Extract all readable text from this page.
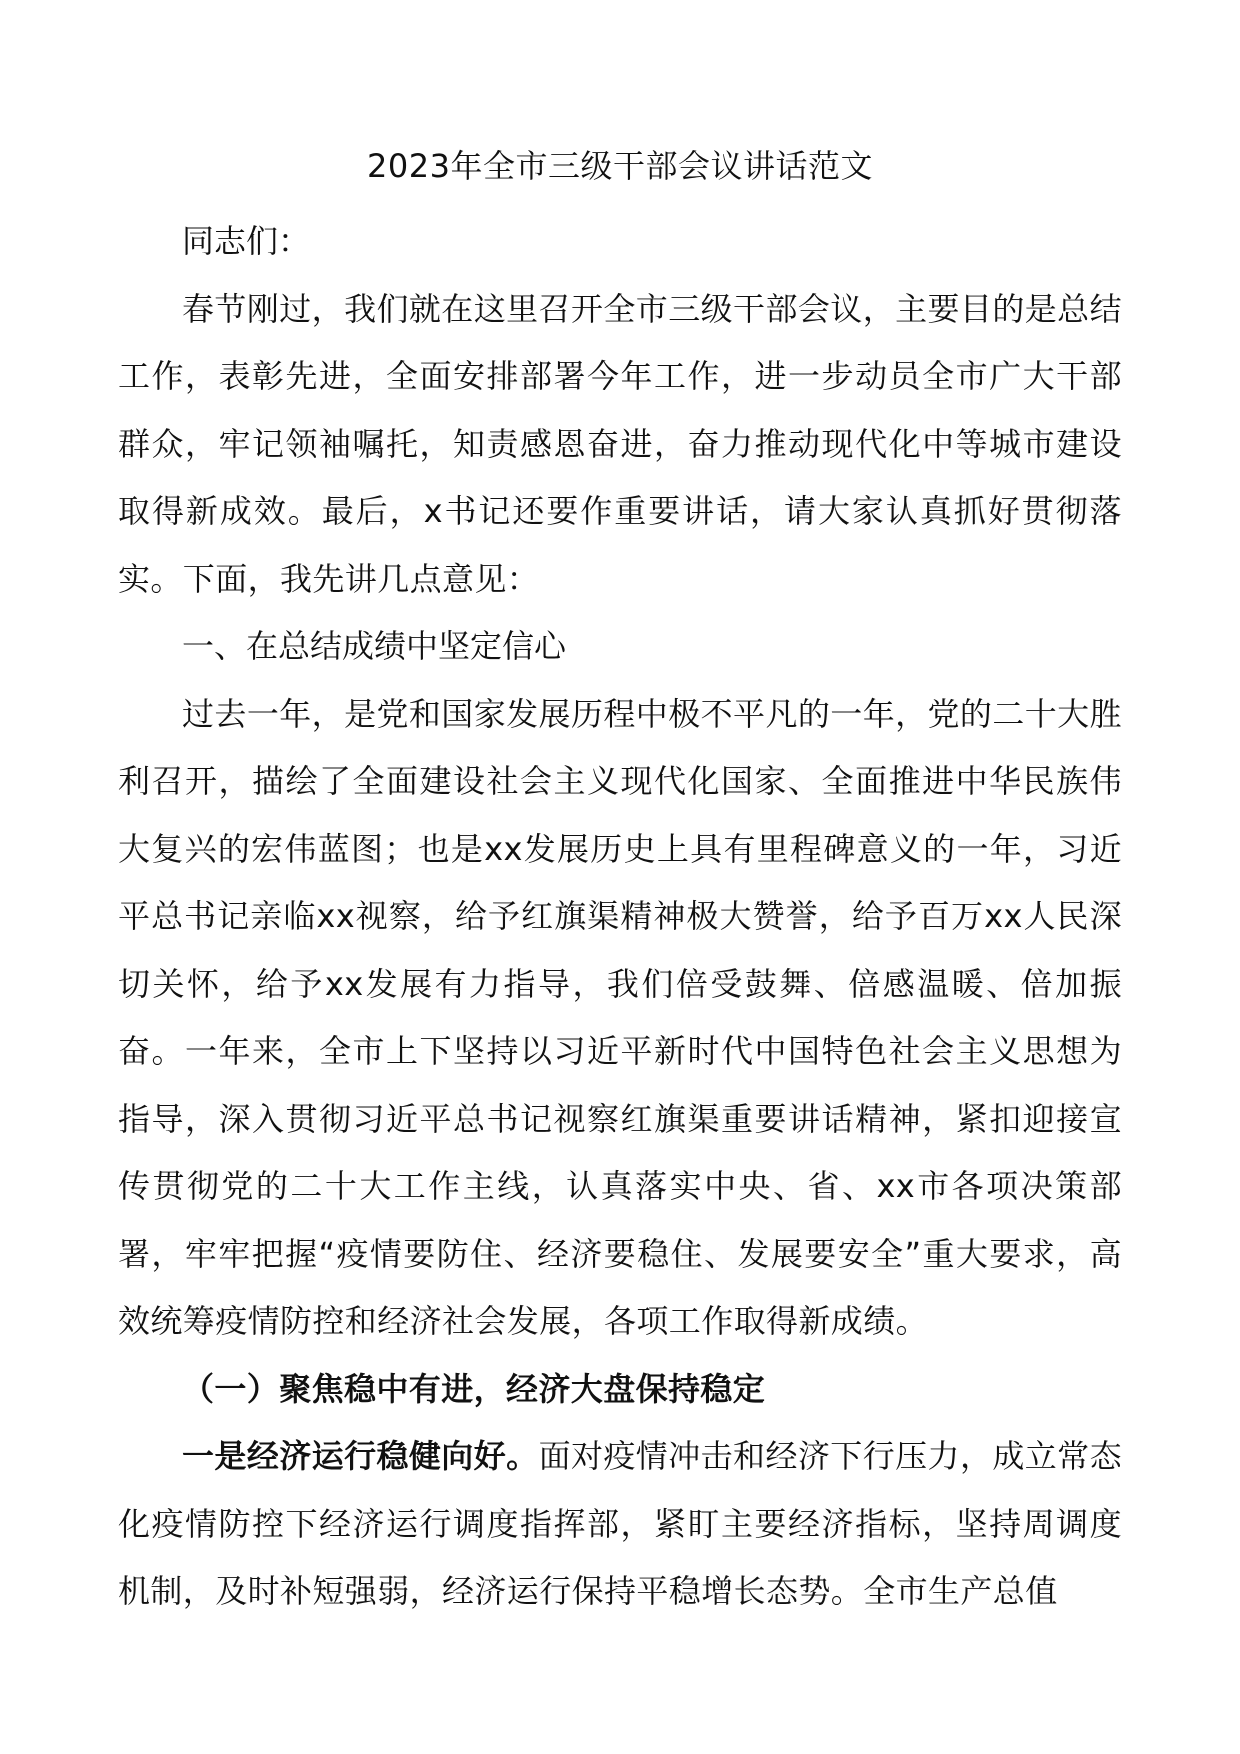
2023年全市三级干部会议讲话范文

同志们：

春节刚过，我们就在这里召开全市三级干部会议，主要目的是总结工作，表彰先进，全面安排部署今年工作，进一步动员全市广大干部群众，牢记领袖嘱托，知责感恩奋进，奋力推动现代化中等城市建设取得新成效。最后，x书记还要作重要讲话，请大家认真抓好贯彻落实。下面，我先讲几点意见：

一、在总结成绩中坚定信心

过去一年，是党和国家发展历程中极不平凡的一年，党的二十大胜利召开，描绘了全面建设社会主义现代化国家、全面推进中华民族伟大复兴的宏伟蓝图；也是xx发展历史上具有里程碑意义的一年，习近平总书记亲临xx视察，给予红旗渠精神极大赞誉，给予百万xx人民深切关怀，给予xx发展有力指导，我们倍受鼓舞、倍感温暖、倍加振奋。一年来，全市上下坚持以习近平新时代中国特色社会主义思想为指导，深入贯彻习近平总书记视察红旗渠重要讲话精神，紧扣迎接宣传贯彻党的二十大工作主线，认真落实中央、省、xx市各项决策部署，牢牢把握“疫情要防住、经济要稳住、发展要安全”重大要求，高效统筹疫情防控和经济社会发展，各项工作取得新成绩。

（一）聚焦稳中有进，经济大盘保持稳定

一是经济运行稳健向好。面对疫情冲击和经济下行压力，成立常态化疫情防控下经济运行调度指挥部，紧盯主要经济指标，坚持周调度机制，及时补短强弱，经济运行保持平稳增长态势。全市生产总值
